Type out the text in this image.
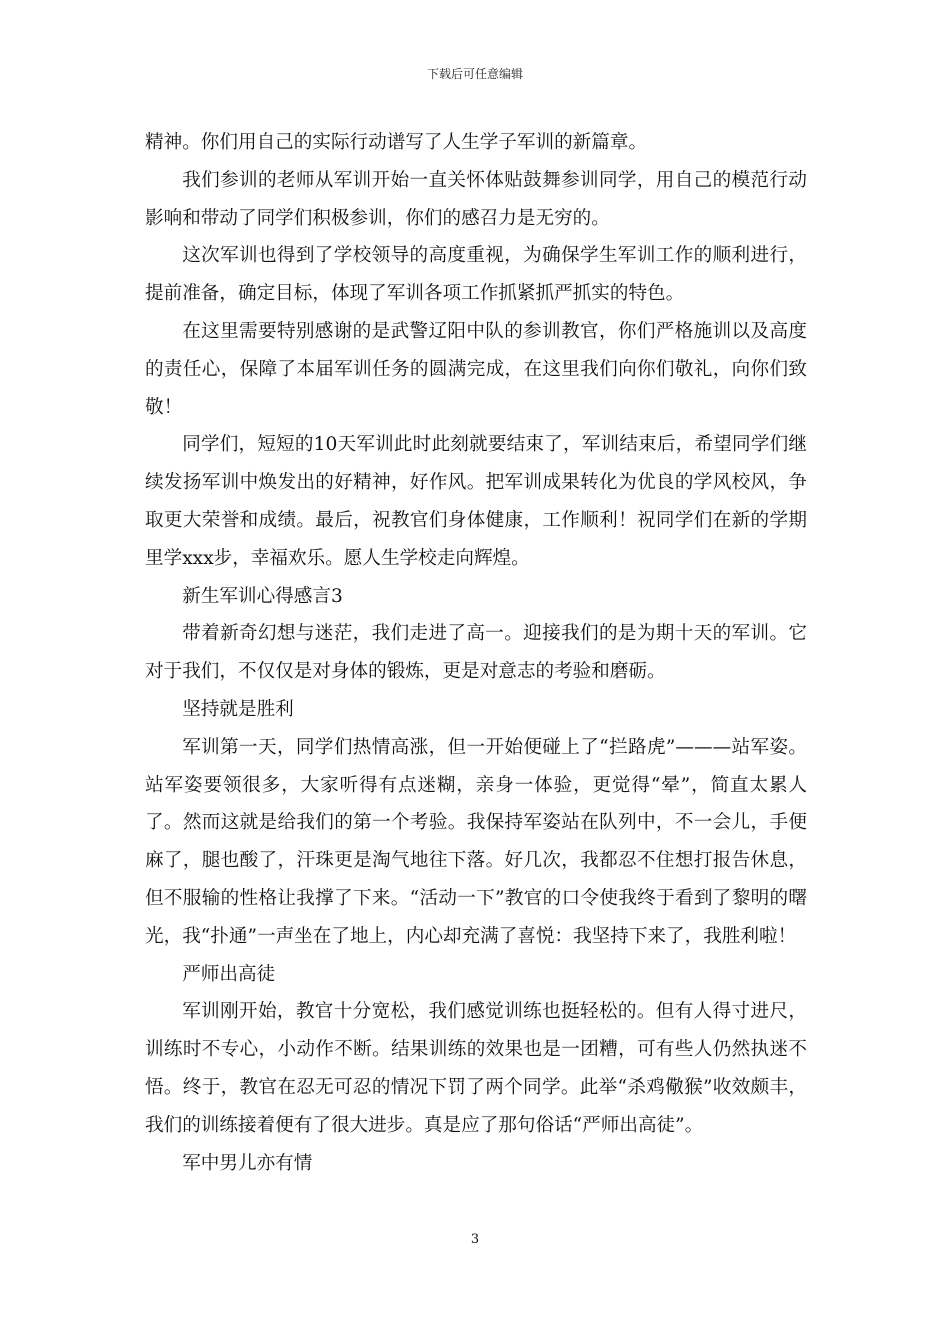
下载后可任意编辑

精神。你们用自己的实际行动谱写了人生学子军训的新篇章。

我们参训的老师从军训开始一直关怀体贴鼓舞参训同学，用自己的模范行动影响和带动了同学们积极参训，你们的感召力是无穷的。

这次军训也得到了学校领导的高度重视，为确保学生军训工作的顺利进行，提前准备，确定目标，体现了军训各项工作抓紧抓严抓实的特色。

在这里需要特别感谢的是武警辽阳中队的参训教官，你们严格施训以及高度的责任心，保障了本届军训任务的圆满完成，在这里我们向你们敬礼，向你们致敬！

同学们，短短的10天军训此时此刻就要结束了，军训结束后，希望同学们继续发扬军训中焕发出的好精神，好作风。把军训成果转化为优良的学风校风，争取更大荣誉和成绩。最后，祝教官们身体健康，工作顺利！祝同学们在新的学期里学xxx步，幸福欢乐。愿人生学校走向辉煌。

新生军训心得感言3

带着新奇幻想与迷茫，我们走进了高一。迎接我们的是为期十天的军训。它对于我们，不仅仅是对身体的锻炼，更是对意志的考验和磨砺。

坚持就是胜利

军训第一天，同学们热情高涨，但一开始便碰上了“拦路虎”———站军姿。站军姿要领很多，大家听得有点迷糊，亲身一体验，更觉得“晕”，简直太累人了。然而这就是给我们的第一个考验。我保持军姿站在队列中，不一会儿，手便麻了，腿也酸了，汗珠更是淘气地往下落。好几次，我都忍不住想打报告休息，但不服输的性格让我撑了下来。“活动一下”教官的口令使我终于看到了黎明的曙光，我“扑通”一声坐在了地上，内心却充满了喜悦：我坚持下来了，我胜利啦！

严师出高徒

军训刚开始，教官十分宽松，我们感觉训练也挺轻松的。但有人得寸进尺，训练时不专心，小动作不断。结果训练的效果也是一团糟，可有些人仍然执迷不悟。终于，教官在忍无可忍的情况下罚了两个同学。此举“杀鸡儆猴”收效颇丰，我们的训练接着便有了很大进步。真是应了那句俗话“严师出高徒”。

军中男儿亦有情

3
